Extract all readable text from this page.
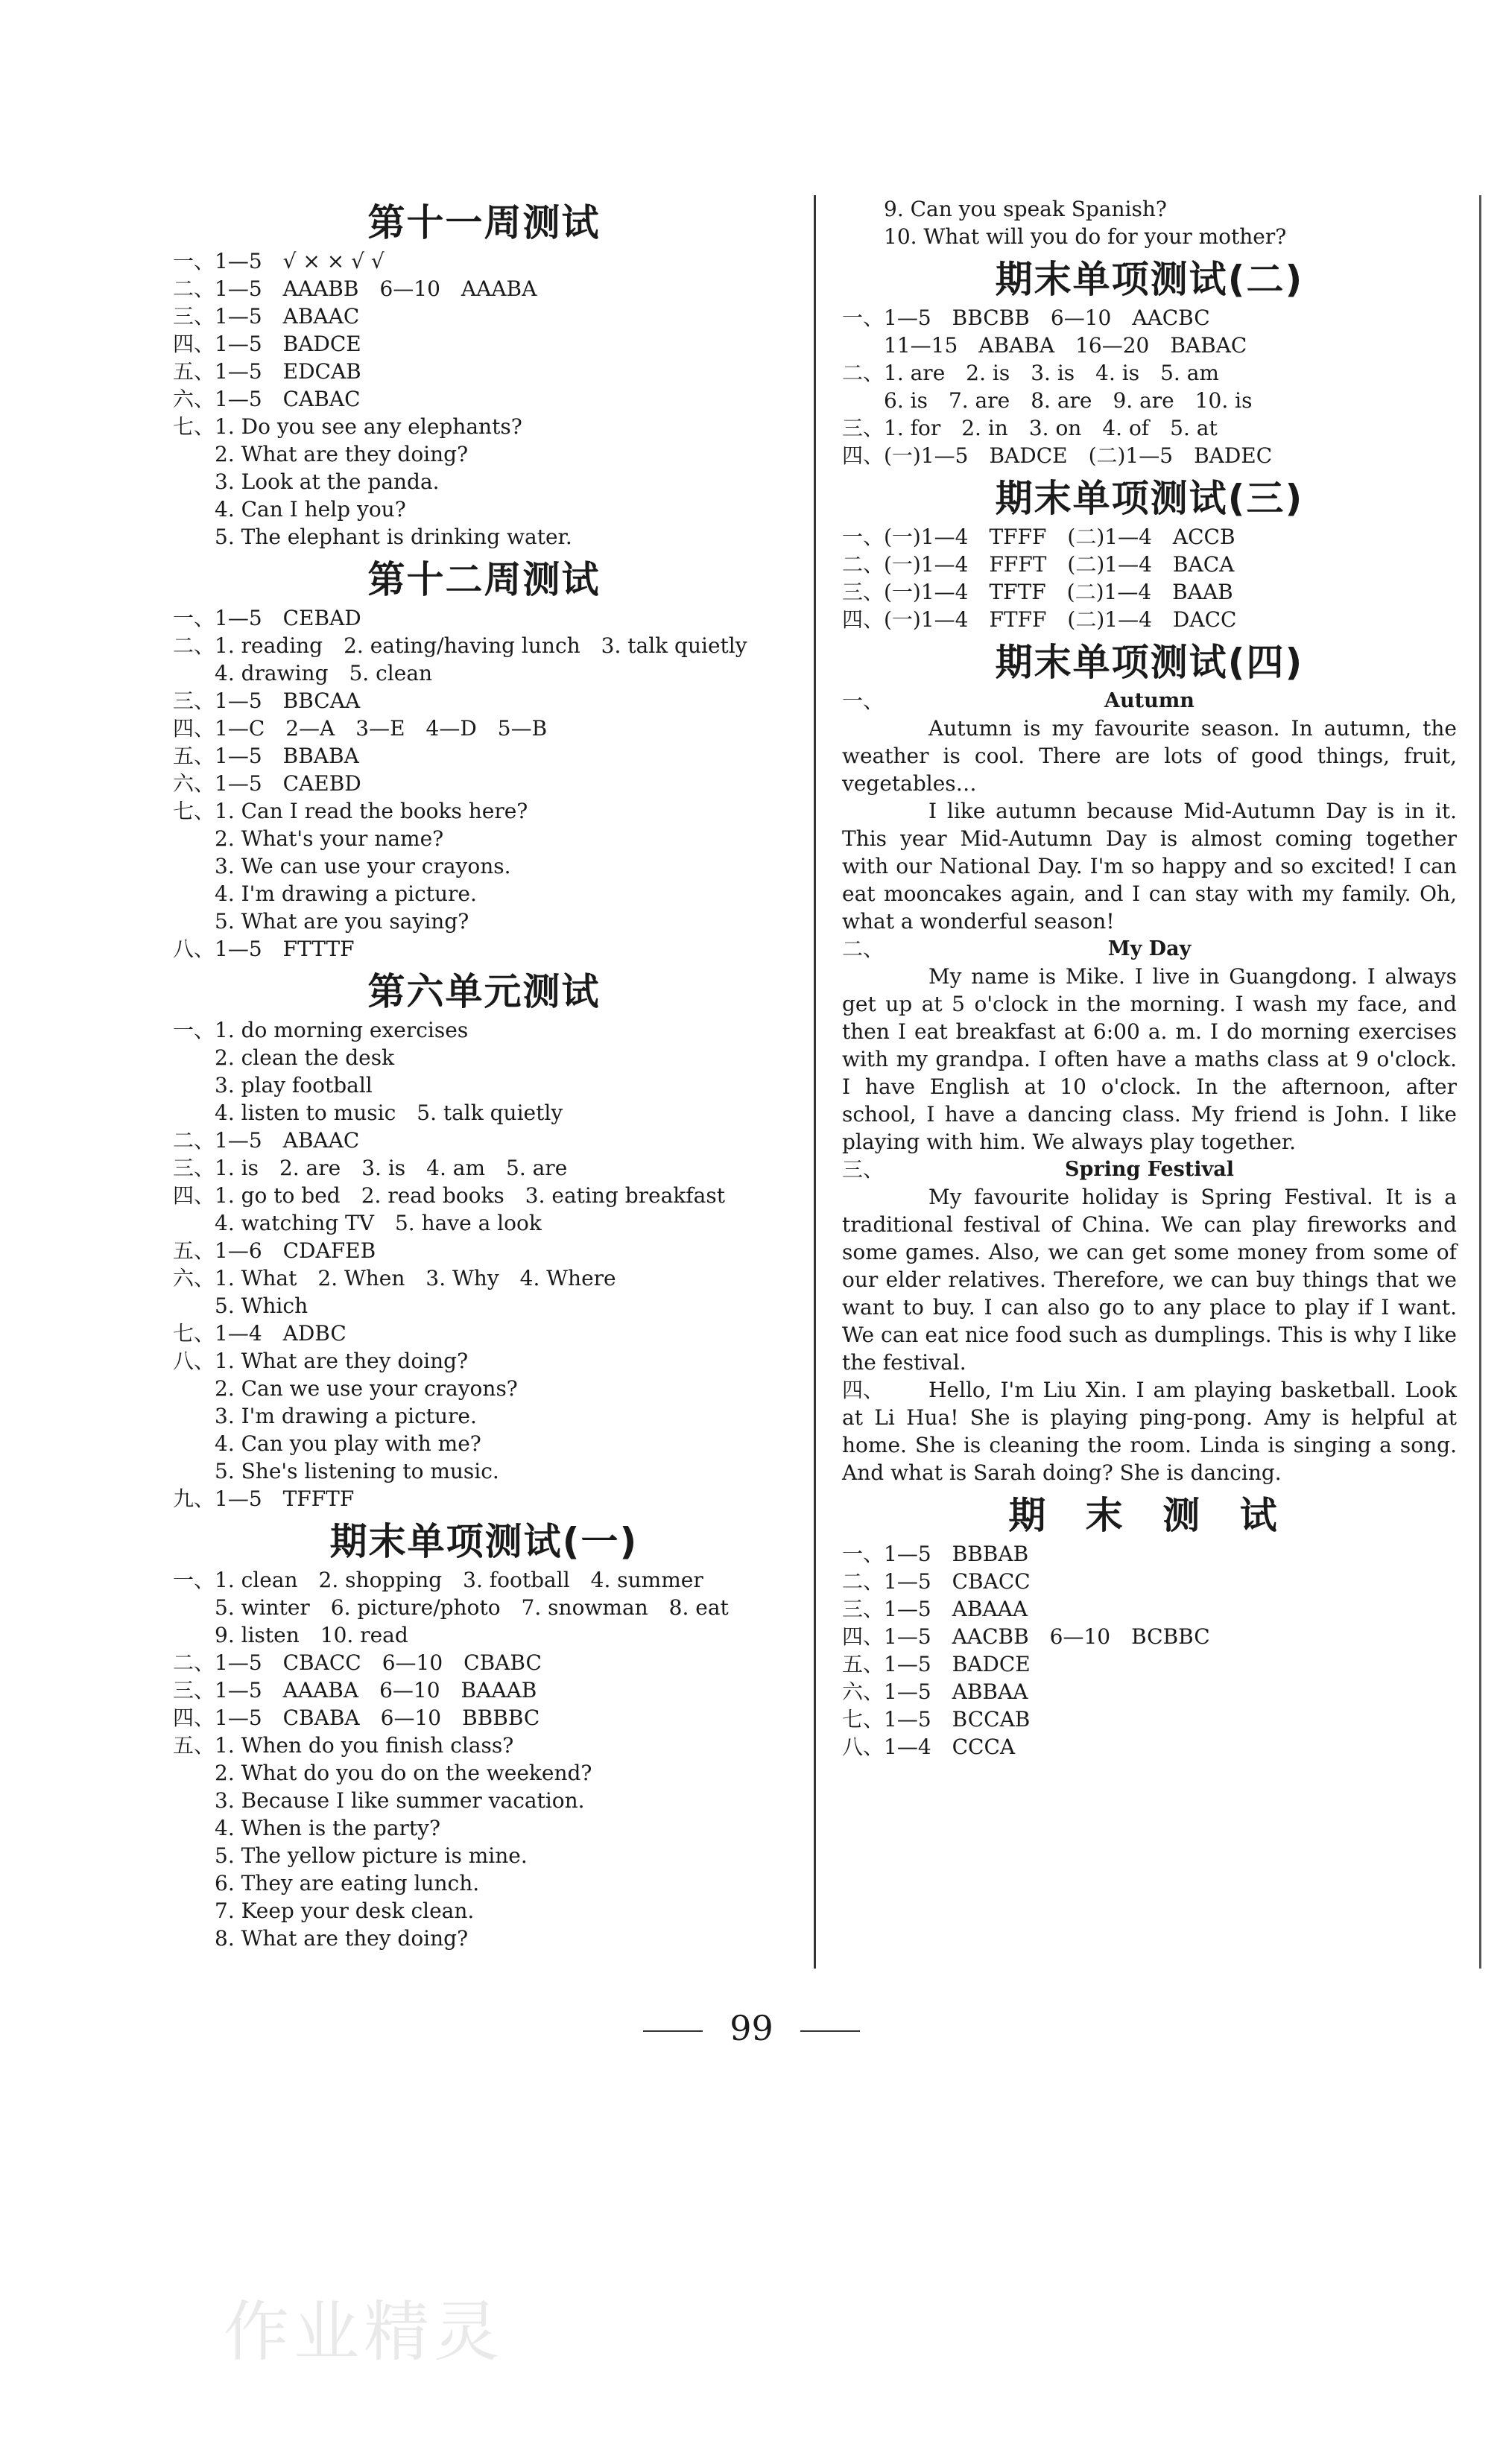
第十一周测试
一、1—5　√ × × √ √
二、1—5　AAABB　6—10　AAABA
三、1—5　ABAAC
四、1—5　BADCE
五、1—5　EDCAB
六、1—5　CABAC
七、1. Do you see any elephants?
　　2. What are they doing?
　　3. Look at the panda.
　　4. Can I help you?
　　5. The elephant is drinking water.
第十二周测试
一、1—5　CEBAD
二、1. reading　2. eating/having lunch　3. talk quietly
　　4. drawing　5. clean
三、1—5　BBCAA
四、1—C　2—A　3—E　4—D　5—B
五、1—5　BBABA
六、1—5　CAEBD
七、1. Can I read the books here?
　　2. What's your name?
　　3. We can use your crayons.
　　4. I'm drawing a picture.
　　5. What are you saying?
八、1—5　FTTTF
第六单元测试
一、1. do morning exercises
　　2. clean the desk
　　3. play football
　　4. listen to music　5. talk quietly
二、1—5　ABAAC
三、1. is　2. are　3. is　4. am　5. are
四、1. go to bed　2. read books　3. eating breakfast
　　4. watching TV　5. have a look
五、1—6　CDAFEB
六、1. What　2. When　3. Why　4. Where
　　5. Which
七、1—4　ADBC
八、1. What are they doing?
　　2. Can we use your crayons?
　　3. I'm drawing a picture.
　　4. Can you play with me?
　　5. She's listening to music.
九、1—5　TFFTF
期末单项测试(一)
一、1. clean　2. shopping　3. football　4. summer
　　5. winter　6. picture/photo　7. snowman　8. eat
　　9. listen　10. read
二、1—5　CBACC　6—10　CBABC
三、1—5　AAABA　6—10　BAAAB
四、1—5　CBABA　6—10　BBBBC
五、1. When do you finish class?
　　2. What do you do on the weekend?
　　3. Because I like summer vacation.
　　4. When is the party?
　　5. The yellow picture is mine.
　　6. They are eating lunch.
　　7. Keep your desk clean.
　　8. What are they doing?
　　9. Can you speak Spanish?
　　10. What will you do for your mother?
期末单项测试(二)
一、1—5　BBCBB　6—10　AACBC
　　11—15　ABABA　16—20　BABAC
二、1. are　2. is　3. is　4. is　5. am
　　6. is　7. are　8. are　9. are　10. is
三、1. for　2. in　3. on　4. of　5. at
四、(一)1—5　BADCE　(二)1—5　BADEC
期末单项测试(三)
一、(一)1—4　TFFF　(二)1—4　ACCB
二、(一)1—4　FFFT　(二)1—4　BACA
三、(一)1—4　TFTF　(二)1—4　BAAB
四、(一)1—4　FTFF　(二)1—4　DACC
期末单项测试(四)
一、	Autumn

Autumn is my favourite season. In autumn, the weather is cool. There are lots of good things, fruit, vegetables…

I like autumn because Mid-Autumn Day is in it. This year Mid-Autumn Day is almost coming together with our National Day. I'm so happy and so excited! I can eat mooncakes again, and I can stay with my family. Oh, what a wonderful season!

二、	My Day

My name is Mike. I live in Guangdong. I always get up at 5 o'clock in the morning. I wash my face, and then I eat breakfast at 6:00 a. m. I do morning exercises with my grandpa. I often have a maths class at 9 o'clock. I have English at 10 o'clock. In the afternoon, after school, I have a dancing class. My friend is John. I like playing with him. We always play together.

三、	Spring Festival

My favourite holiday is Spring Festival. It is a traditional festival of China. We can play fireworks and some games. Also, we can get some money from some of our elder relatives. Therefore, we can buy things that we want to buy. I can also go to any place to play if I want. We can eat nice food such as dumplings. This is why I like the festival.

四、	Hello, I'm Liu Xin. I am playing basketball. Look at Li Hua! She is playing ping-pong. Amy is helpful at home. She is cleaning the room. Linda is singing a song. And what is Sarah doing? She is dancing.

期 末 测 试
一、1—5　BBBAB
二、1—5　CBACC
三、1—5　ABAAA
四、1—5　AACBB　6—10　BCBBC
五、1—5　BADCE
六、1—5　ABBAA
七、1—5　BCCAB
八、1—4　CCCA
99
作业精灵
